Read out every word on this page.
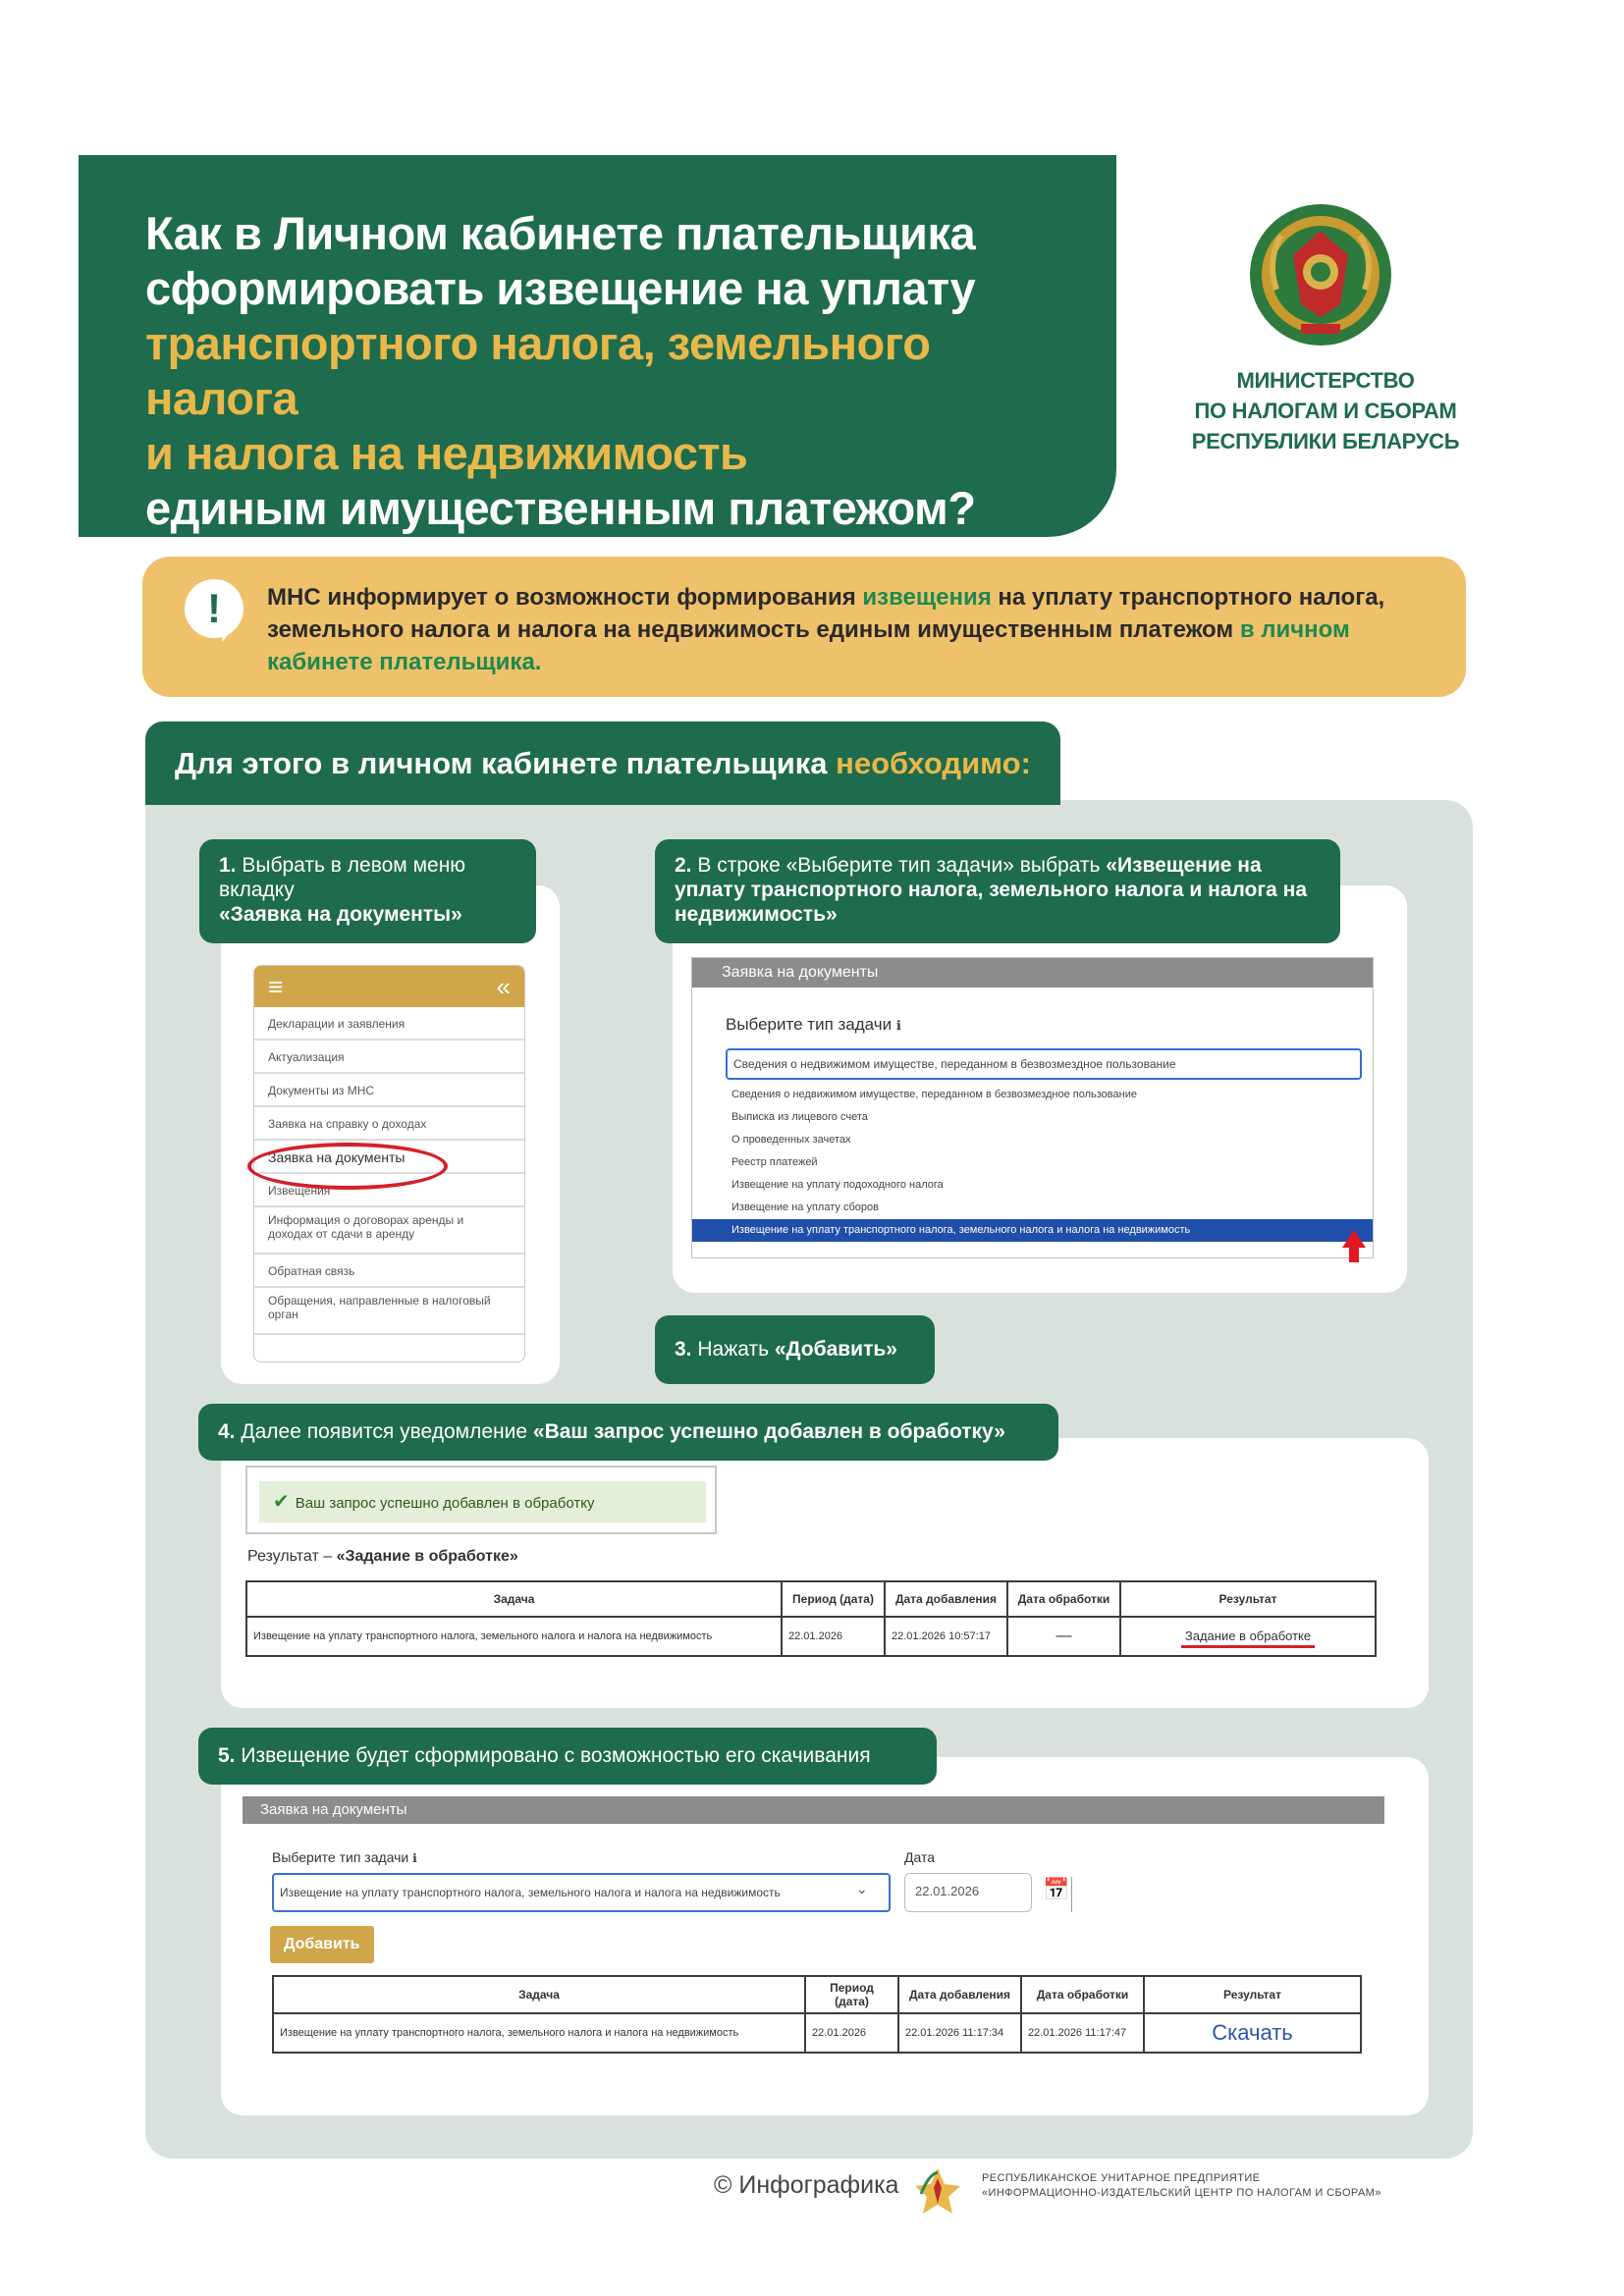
Как в Личном кабинете плательщика
сформировать извещение на уплату
транспортного налога, земельного налога
и налога на недвижимость
единым имущественным платежом?
МИНИСТЕРСТВО
ПО НАЛОГАМ И СБОРАМ
РЕСПУБЛИКИ БЕЛАРУСЬ
!	МНС информирует о возможности формирования извещения на уплату транспортного налога, земельного налога и налога на недвижимость единым имущественным платежом в личном кабинете плательщика.
Для этого в личном кабинете плательщика необходимо:
1. Выбрать в левом меню вкладку
«Заявка на документы»
≡	«
Декларации и заявления
Актуализация
Документы из МНС
Заявка на справку о доходах
Заявка на документы
Извещения
Информация о договорах аренды и доходах от сдачи в аренду
Обратная связь
Обращения, направленные в налоговый орган
2. В строке «Выберите тип задачи» выбрать «Извещение на уплату транспортного налога, земельного налога и налога на недвижимость»
Заявка на документы
Выберите тип задачи ℹ
Сведения о недвижимом имуществе, переданном в безвозмездное пользование
Сведения о недвижимом имуществе, переданном в безвозмездное пользование
Выписка из лицевого счета
О проведенных зачетах
Реестр платежей
Извещение на уплату подоходного налога
Извещение на уплату сборов
Извещение на уплату транспортного налога, земельного налога и налога на недвижимость
3. Нажать «Добавить»
4. Далее появится уведомление «Ваш запрос успешно добавлен в обработку»
✔ Ваш запрос успешно добавлен в обработку
Результат – «Задание в обработке»
Задача	Период (дата)	Дата добавления	Дата обработки	Результат
Извещение на уплату транспортного налога, земельного налога и налога на недвижимость	22.01.2026	22.01.2026 10:57:17	—	Задание в обработке
5. Извещение будет сформировано с возможностью его скачивания
Заявка на документы
Выберите тип задачи ℹ
Извещение на уплату транспортного налога, земельного налога и налога на недвижимость	⌄
Дата
22.01.2026	📅
Добавить
Задача	Период (дата)	Дата добавления	Дата обработки	Результат
Извещение на уплату транспортного налога, земельного налога и налога на недвижимость	22.01.2026	22.01.2026 11:17:34	22.01.2026 11:17:47	Скачать
© Инфографика	РЕСПУБЛИКАНСКОЕ УНИТАРНОЕ ПРЕДПРИЯТИЕ
«ИНФОРМАЦИОННО-ИЗДАТЕЛЬСКИЙ ЦЕНТР ПО НАЛОГАМ И СБОРАМ»
